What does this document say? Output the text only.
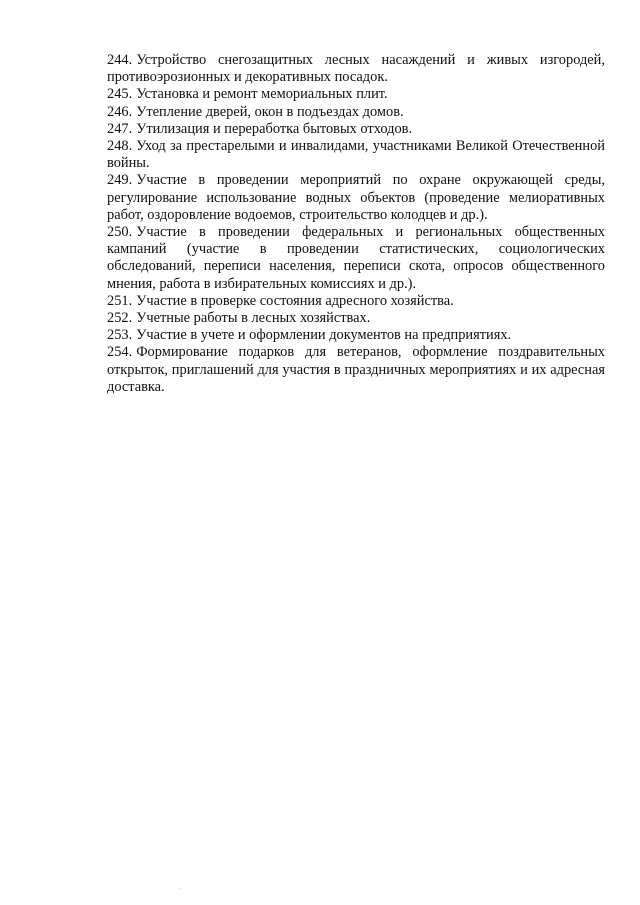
244. Устройство снегозащитных лесных насаждений и живых изгородей, противоэрозионных и декоративных посадок.

245. Установка и ремонт мемориальных плит.

246. Утепление дверей, окон в подъездах домов.

247. Утилизация и переработка бытовых отходов.

248. Уход за престарелыми и инвалидами, участниками Великой Отечественной войны.

249. Участие в проведении мероприятий по охране окружающей среды, регулирование использование водных объектов (проведение мелиоративных работ, оздоровление водоемов, строительство колодцев и др.).

250. Участие в проведении федеральных и региональных общественных кампаний (участие в проведении статистических, социологических обследований, переписи населения, переписи скота, опросов общественного мнения, работа в избирательных комиссиях и др.).

251. Участие в проверке состояния адресного хозяйства.

252. Учетные работы в лесных хозяйствах.

253. Участие в учете и оформлении документов на предприятиях.

254. Формирование подарков для ветеранов, оформление поздравительных открыток, приглашений для участия в праздничных мероприятиях и их адресная доставка.
